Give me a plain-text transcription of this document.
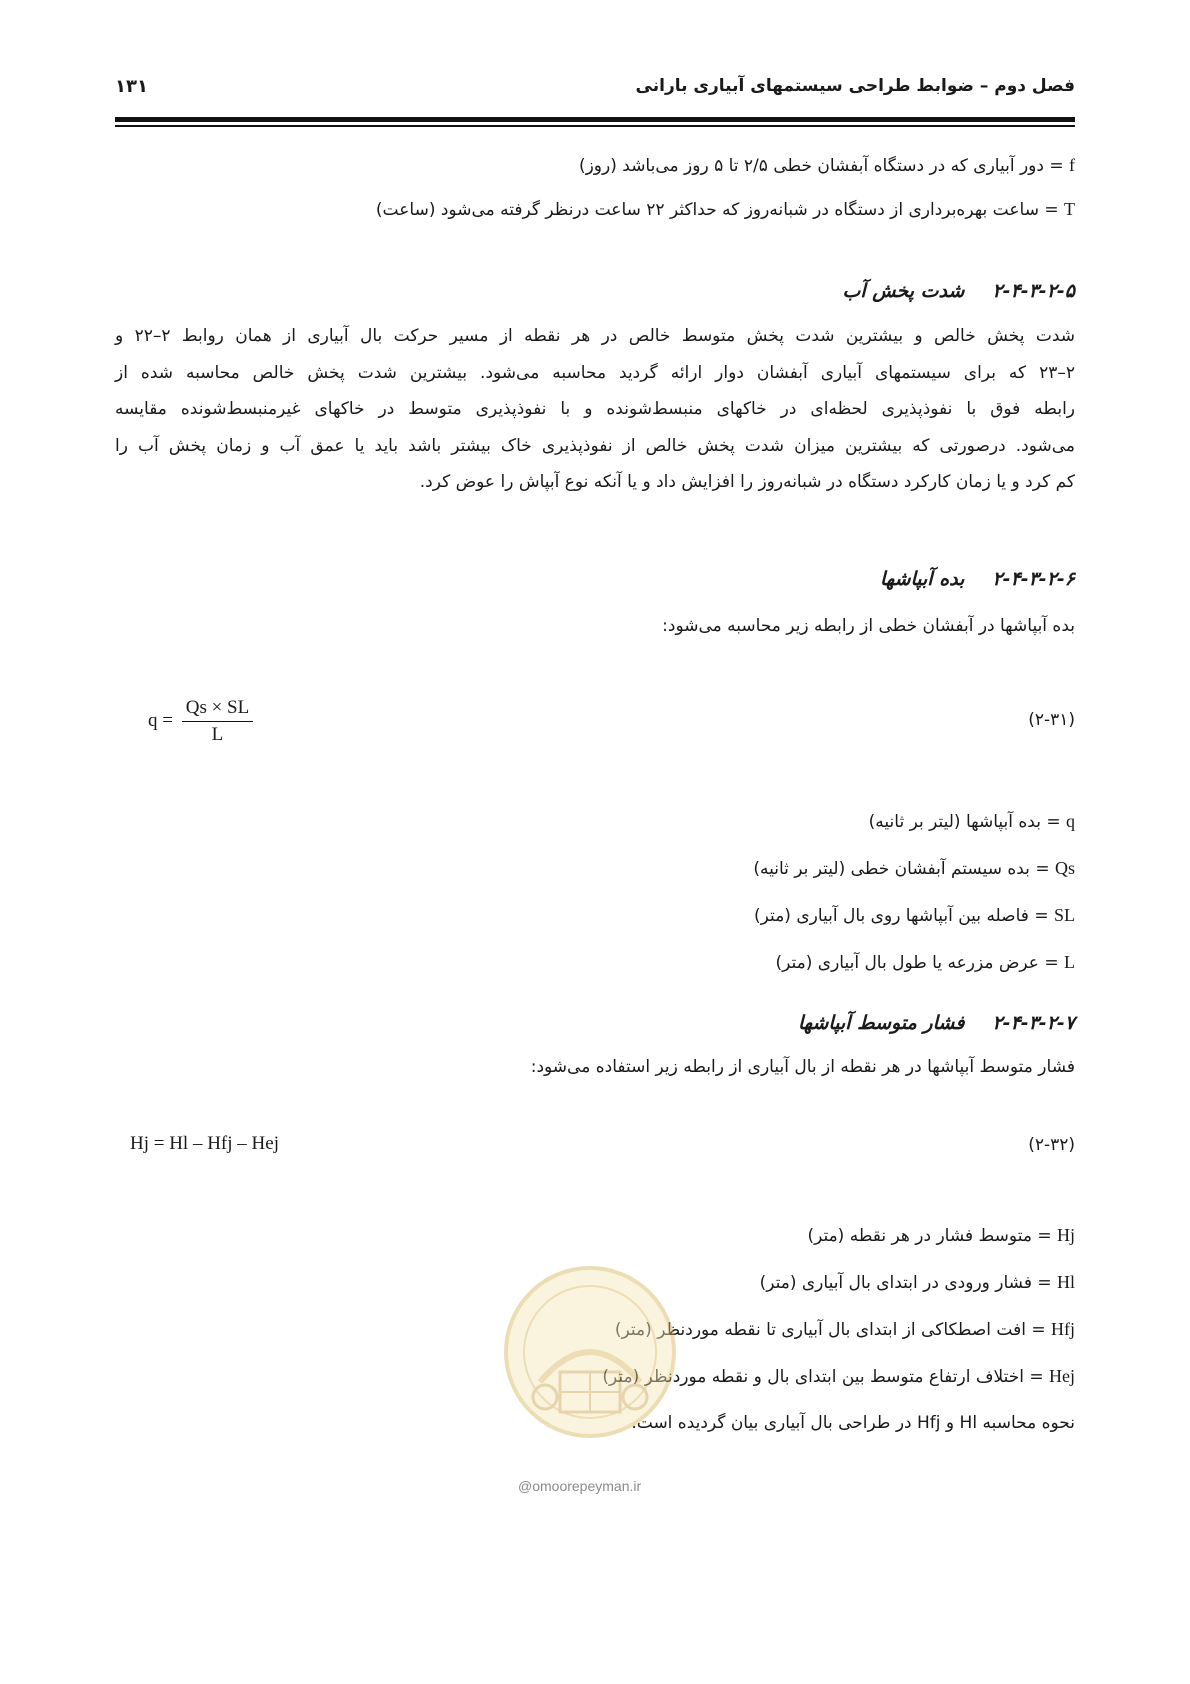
فصل دوم – ضوابط طراحی سیستمهای آبیاری بارانی
۱۳۱
f = دور آبیاری که در دستگاه آبفشان خطی ۲/۵ تا ۵ روز می‌باشد (روز)
T = ساعت بهره‌برداری از دستگاه در شبانه‌روز که حداکثر ۲۲ ساعت درنظر گرفته می‌شود (ساعت)
۲-۴-۳-۲-۵شدت پخش آب
شدت پخش خالص و بیشترین شدت پخش متوسط خالص در هر نقطه از مسیر حرکت بال آبیاری از همان روابط ۲–۲۲ و
۲–۲۳ که برای سیستمهای آبیاری آبفشان دوار ارائه گردید محاسبه می‌شود. بیشترین شدت پخش خالص محاسبه شده از
رابطه فوق با نفوذپذیری لحظه‌ای در خاکهای منبسط‌شونده و با نفوذپذیری متوسط در خاکهای غیرمنبسط‌شونده مقایسه
می‌شود. درصورتی که بیشترین میزان شدت پخش خالص از نفوذپذیری خاک بیشتر باشد باید یا عمق آب و زمان پخش آب را
کم کرد و یا زمان کارکرد دستگاه در شبانه‌روز را افزایش داد و یا آنکه نوع آبپاش را عوض کرد.
۲-۴-۳-۲-۶بده آبپاشها
بده آبپاشها در آبفشان خطی از رابطه زیر محاسبه می‌شود:
$q = \frac{Qs \times SL}{L}$	(۲-۳۱)
q = بده آبپاشها (لیتر بر ثانیه)
Qs = بده سیستم آبفشان خطی (لیتر بر ثانیه)
SL = فاصله بین آبپاشها روی بال آبیاری (متر)
L = عرض مزرعه یا طول بال آبیاری (متر)
۲-۴-۳-۲-۷فشار متوسط آبپاشها
فشار متوسط آبپاشها در هر نقطه از بال آبیاری از رابطه زیر استفاده می‌شود:
Hj = Hl – Hfj – Hej	(۲-۳۲)
Hj = متوسط فشار در هر نقطه (متر)
Hl = فشار ورودی در ابتدای بال آبیاری (متر)
Hfj = افت اصطکاکی از ابتدای بال آبیاری تا نقطه موردنظر (متر)
Hej = اختلاف ارتفاع متوسط بین ابتدای بال و نقطه موردنظر (متر)
نحوه محاسبه Hl و Hfj در طراحی بال آبیاری بیان گردیده است.
@omoorepeyman.ir
